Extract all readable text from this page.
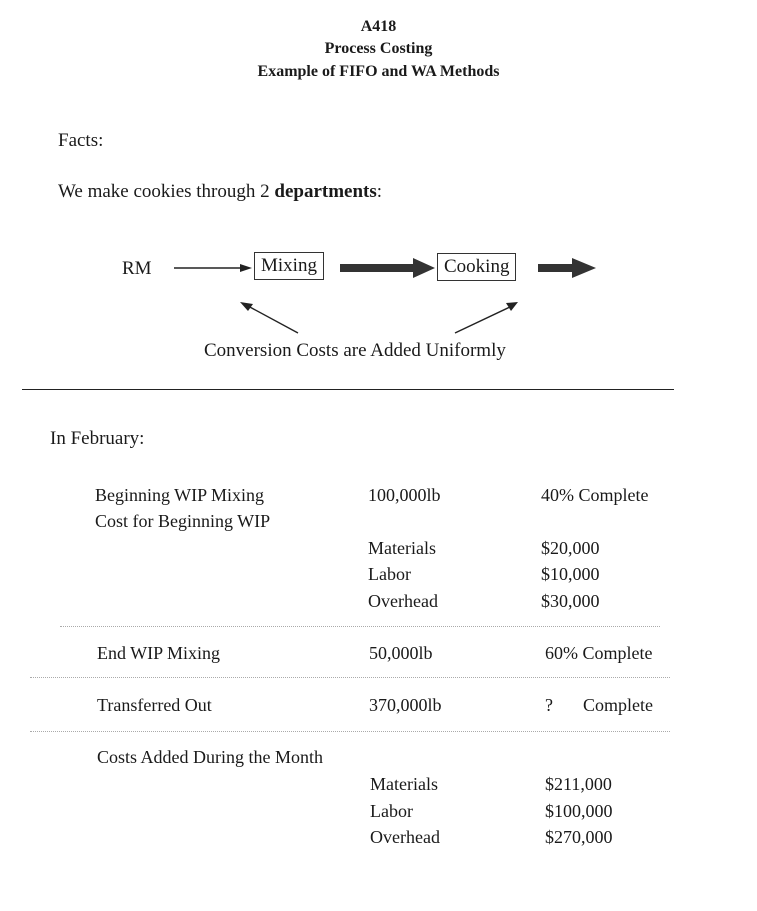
A418
Process Costing
Example of FIFO and WA Methods
Facts:
We make cookies through 2 departments:
RM	Mixing	Cooking
Conversion Costs are Added Uniformly
In February:
Beginning WIP Mixing	100,000lb	40% Complete
Cost for Beginning WIP
Materials	$20,000
Labor	$10,000
Overhead	$30,000
End WIP Mixing	50,000lb	60% Complete
Transferred Out	370,000lb	? Complete
Costs Added During the Month
Materials	$211,000
Labor	$100,000
Overhead	$270,000
